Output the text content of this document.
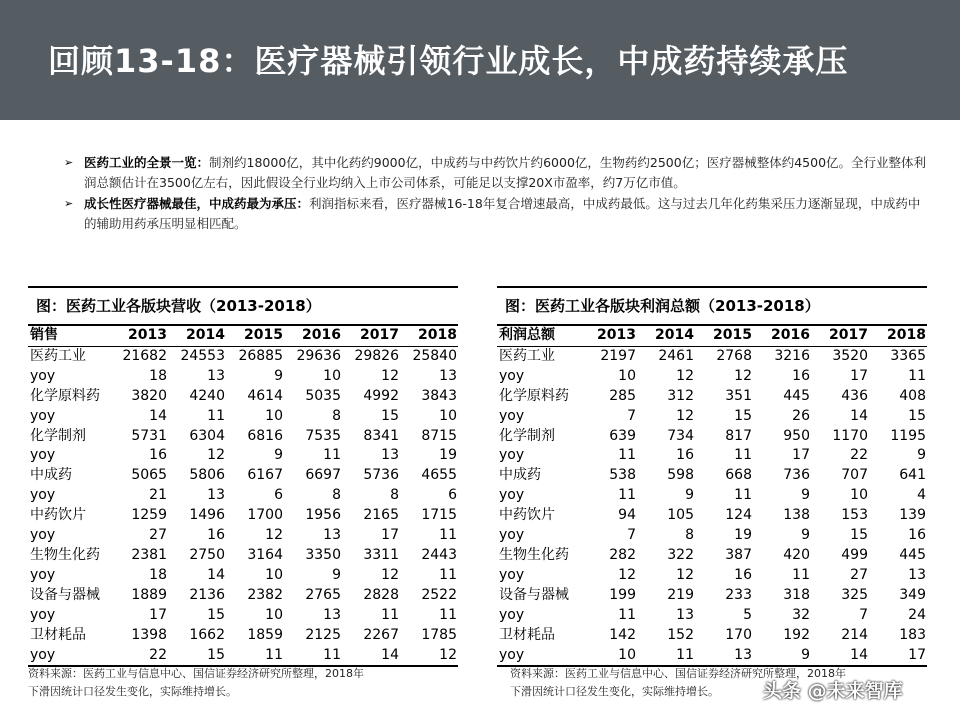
回顾13-18：医疗器械引领行业成长，中成药持续承压
➢ 医药工业的全景一览：制剂约18000亿，其中化药约9000亿，中成药与中药饮片约6000亿，生物药约2500亿；医疗器械整体约4500亿。全行业整体利润总额估计在3500亿左右，因此假设全行业均纳入上市公司体系，可能足以支撑20X市盈率，约7万亿市值。
➢ 成长性医疗器械最佳，中成药最为承压：利润指标来看，医疗器械16-18年复合增速最高，中成药最低。这与过去几年化药集采压力逐渐显现，中成药中的辅助用药承压明显相匹配。
图：医药工业各版块营收（2013-2018）
销售	2013	2014	2015	2016	2017	2018
医药工业	21682	24553	26885	29636	29826	25840
yoy	18	13	9	10	12	13
化学原料药	3820	4240	4614	5035	4992	3843
yoy	14	11	10	8	15	10
化学制剂	5731	6304	6816	7535	8341	8715
yoy	16	12	9	11	13	19
中成药	5065	5806	6167	6697	5736	4655
yoy	21	13	6	8	8	6
中药饮片	1259	1496	1700	1956	2165	1715
yoy	27	16	12	13	17	11
生物生化药	2381	2750	3164	3350	3311	2443
yoy	18	14	10	9	12	11
设备与器械	1889	2136	2382	2765	2828	2522
yoy	17	15	10	13	11	11
卫材耗品	1398	1662	1859	2125	2267	1785
yoy	22	15	11	11	14	12
图：医药工业各版块利润总额（2013-2018）
利润总额	2013	2014	2015	2016	2017	2018
医药工业	2197	2461	2768	3216	3520	3365
yoy	10	12	12	16	17	11
化学原料药	285	312	351	445	436	408
yoy	7	12	15	26	14	15
化学制剂	639	734	817	950	1170	1195
yoy	11	16	11	17	22	9
中成药	538	598	668	736	707	641
yoy	11	9	11	9	10	4
中药饮片	94	105	124	138	153	139
yoy	7	8	19	9	15	16
生物生化药	282	322	387	420	499	445
yoy	12	12	16	11	27	13
设备与器械	199	219	233	318	325	349
yoy	11	13	5	32	7	24
卫材耗品	142	152	170	192	214	183
yoy	10	11	13	9	14	17
资料来源：医药工业与信息中心、国信证券经济研究所整理，2018年
下滑因统计口径发生变化，实际维持增长。
资料来源：医药工业与信息中心、国信证券经济研究所整理，2018年
下滑因统计口径发生变化，实际维持增长。	头条 @未来智库
